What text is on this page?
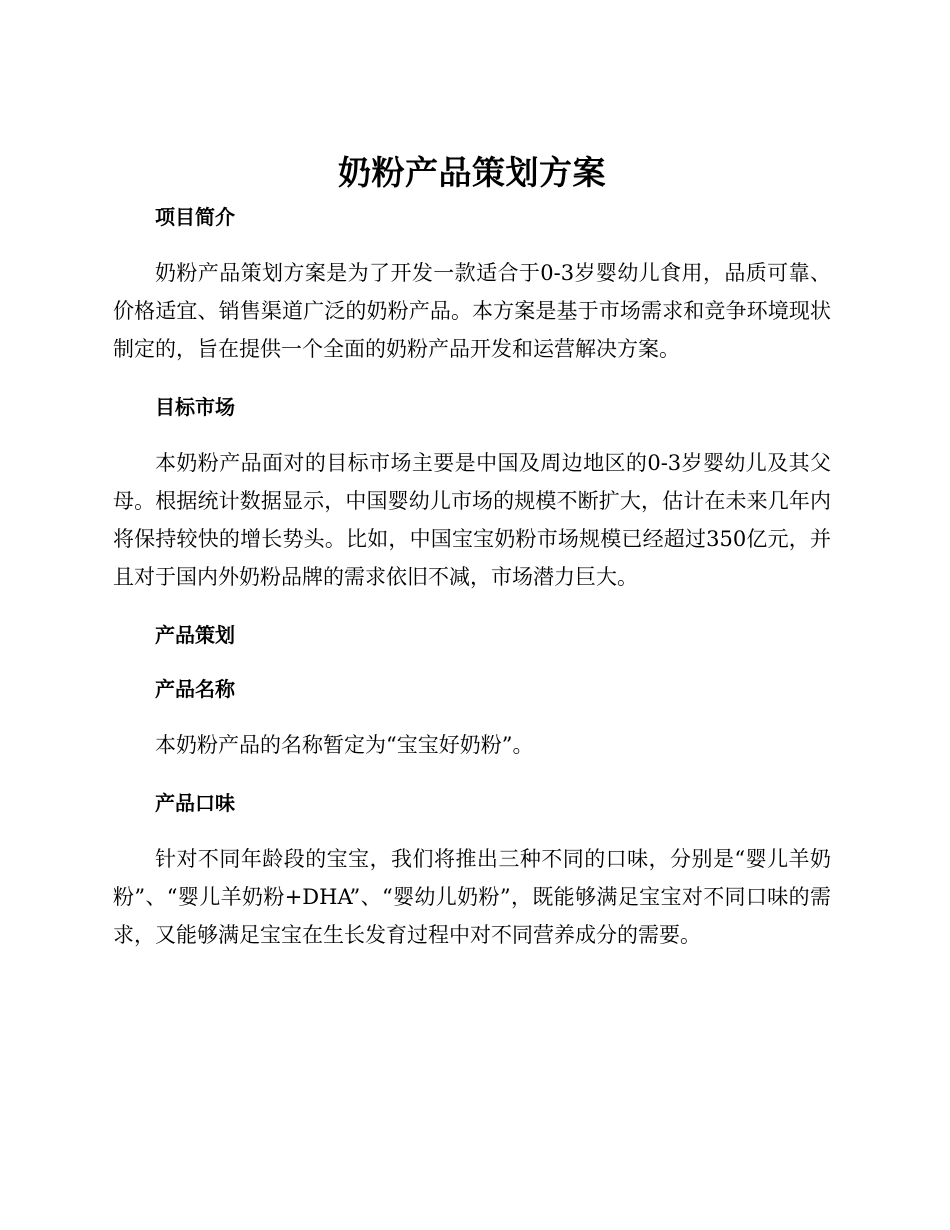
奶粉产品策划方案
项目简介

奶粉产品策划方案是为了开发一款适合于0-3岁婴幼儿食用，品质可靠、价格适宜、销售渠道广泛的奶粉产品。本方案是基于市场需求和竞争环境现状制定的，旨在提供一个全面的奶粉产品开发和运营解决方案。

目标市场

本奶粉产品面对的目标市场主要是中国及周边地区的0-3岁婴幼儿及其父母。根据统计数据显示，中国婴幼儿市场的规模不断扩大，估计在未来几年内将保持较快的增长势头。比如，中国宝宝奶粉市场规模已经超过350亿元，并且对于国内外奶粉品牌的需求依旧不减，市场潜力巨大。

产品策划
产品名称

本奶粉产品的名称暂定为“宝宝好奶粉”。

产品口味

针对不同年龄段的宝宝，我们将推出三种不同的口味，分别是“婴儿羊奶粉”、“婴儿羊奶粉+DHA”、“婴幼儿奶粉”，既能够满足宝宝对不同口味的需求，又能够满足宝宝在生长发育过程中对不同营养成分的需要。
